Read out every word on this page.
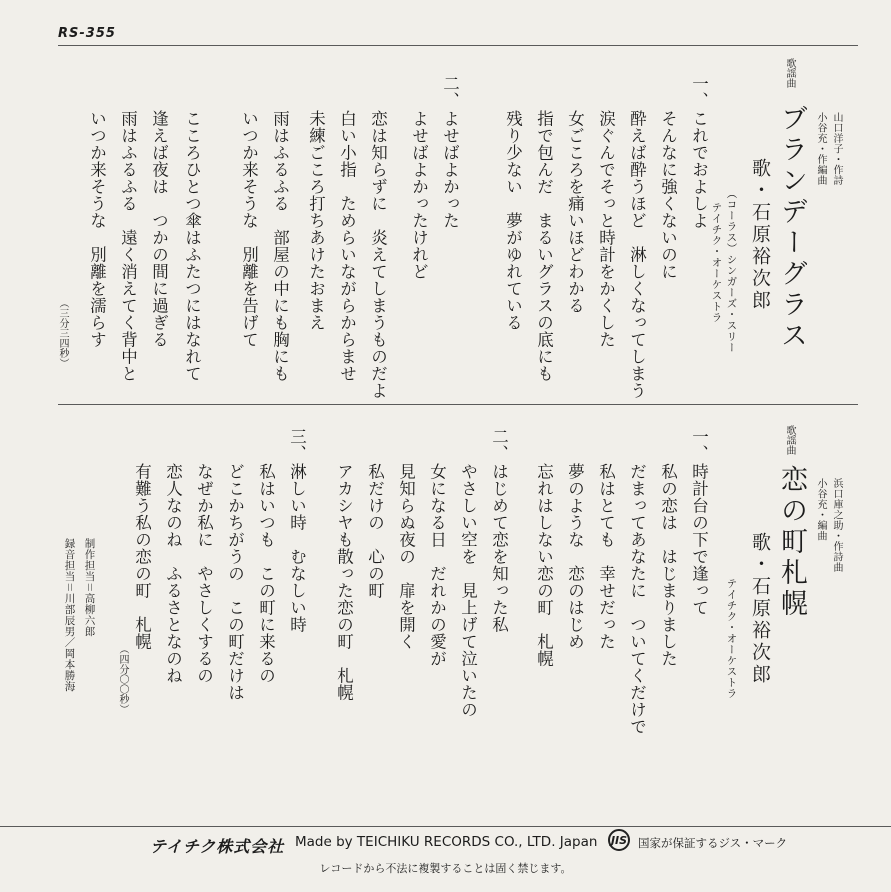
RS-355
歌謡曲
ブランデーグラス 山口洋子・作詩
小谷充・作編曲
歌・石原裕次郎
（コーラス）シンガーズ・スリー
テイチク・オーケストラ
一、
これでおよしよ
そんなに強くないのに
酔えば酔うほど　淋しくなってしまう
涙ぐんでそっと時計をかくした
女ごころを痛いほどわかる
指で包んだ　まるいグラスの底にも
残り少ない　夢がゆれている
二、
よせばよかった
よせばよかったけれど
恋は知らずに　炎えてしまうものだよ
白い小指　ためらいながらからませ
未練ごころ打ちあけたおまえ
雨はふるふる　部屋の中にも胸にも
いつか来そうな　別離を告げて
こころひとつ傘はふたつにはなれて
逢えば夜は　つかの間に過ぎる
雨はふるふる　遠く消えてく背中と
いつか来そうな　別離を濡らす
（三分三四秒）
歌謡曲
恋の町札幌 浜口庫之助・作詩曲
小谷充・編曲
歌・石原裕次郎
テイチク・オーケストラ
一、
時計台の下で逢って
私の恋は　はじまりました
だまってあなたに　ついてくだけで
私はとても　幸せだった
夢のような　恋のはじめ
忘れはしない恋の町　札幌
二、
はじめて恋を知った私
やさしい空を　見上げて泣いたの
女になる日　だれかの愛が
見知らぬ夜の　扉を開く
私だけの　心の町
アカシヤも散った恋の町　札幌
三、
淋しい時　むなしい時
私はいつも　この町に来るの
どこかちがうの　この町だけは
なぜか私に　やさしくするの
恋人なのね　ふるさとなのね
有難う私の恋の町　札幌
（四分〇〇秒）
制作担当＝高柳六郎
録音担当＝川部辰男／岡本勝海
テイチク株式会社 Made by TEICHIKU RECORDS CO., LTD. Japan JIS 国家が保証するジス・マーク
レコードから不法に複製することは固く禁じます。
